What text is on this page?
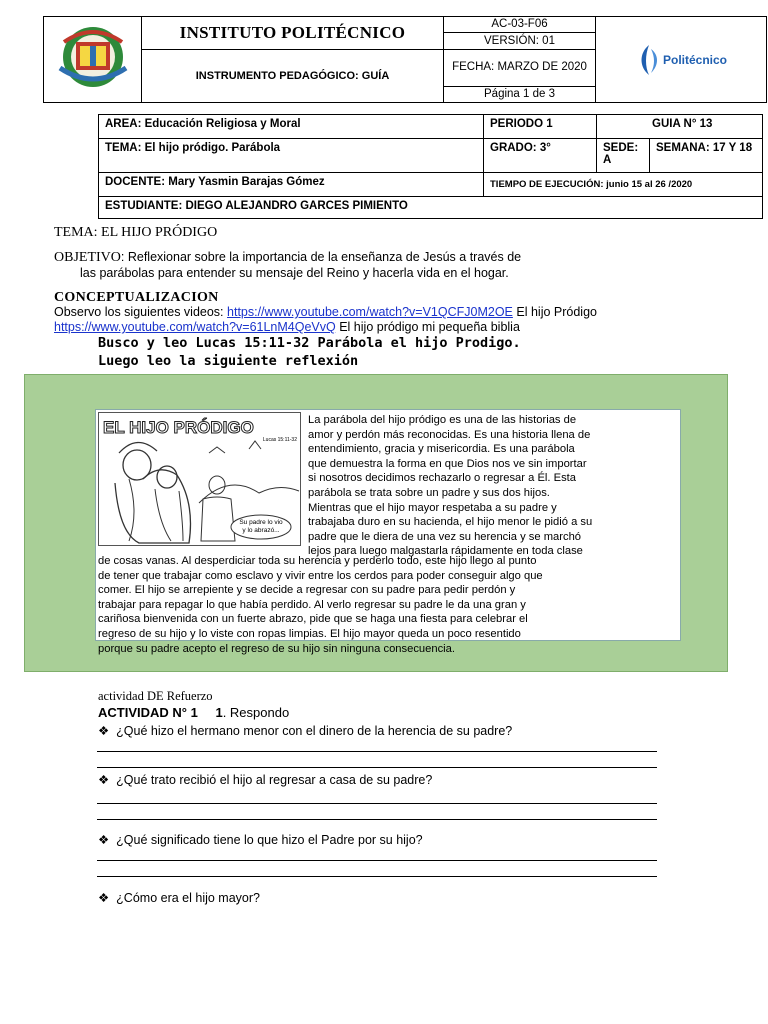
	INSTITUTO POLITÉCNICO	AC-03-F06	Politécnico

		VERSIÓN: 01	
	INSTRUMENTO PEDAGÓGICO: GUÍA	FECHA: MARZO DE 2020	
		Página 1 de 3	
AREA: Educación Religiosa y Moral	PERIODO 1	GUIA N° 13	
TEMA: El hijo pródigo. Parábola	GRADO: 3°	SEDE: A	SEMANA: 17 Y 18
DOCENTE: Mary Yasmin Barajas Gómez	TIEMPO DE EJECUCIÓN: junio 15 al 26 /2020		
ESTUDIANTE: DIEGO ALEJANDRO GARCES PIMIENTO			
TEMA: EL HIJO PRÓDIGO
OBJETIVO: Reflexionar sobre la importancia de la enseñanza de Jesús a través de
las parábolas para entender su mensaje del Reino y hacerla vida en el hogar.
CONCEPTUALIZACION
Observo los siguientes videos: https://www.youtube.com/watch?v=V1QCFJ0M2OE El hijo Pródigo
https://www.youtube.com/watch?v=61LnM4QeVvQ El hijo pródigo mi pequeña biblia
Busco y leo Lucas 15:11-32 Parábola el hijo Prodigo.
Luego leo la siguiente reflexión
Su padre lo vio
y lo abrazó...
EL HIJO PRÓDIGO
Lucas 15:11-32
La parábola del hijo pródigo es una de las historias de
amor y perdón más reconocidas. Es una historia llena de
entendimiento, gracia y misericordia. Es una parábola
que demuestra la forma en que Dios nos ve sin importar
si nosotros decidimos rechazarlo o regresar a Él. Esta
parábola se trata sobre un padre y sus dos hijos.
Mientras que el hijo mayor respetaba a su padre y
trabajaba duro en su hacienda, el hijo menor le pidió a su
padre que le diera de una vez su herencia y se marchó
lejos para luego malgastarla rápidamente en toda clase
de cosas vanas. Al desperdiciar toda su herencia y perderlo todo, este hijo llego al punto
de tener que trabajar como esclavo y vivir entre los cerdos para poder conseguir algo que
comer. El hijo se arrepiente y se decide a regresar con su padre para pedir perdón y
trabajar para repagar lo que había perdido. Al verlo regresar su padre le da una gran y
cariñosa bienvenida con un fuerte abrazo, pide que se haga una fiesta para celebrar el
regreso de su hijo y lo viste con ropas limpias. El hijo mayor queda un poco resentido
porque su padre acepto el regreso de su hijo sin ninguna consecuencia.
actividad DE Refuerzo
ACTIVIDAD N° 1 1. Respondo
❖ ¿Qué hizo el hermano menor con el dinero de la herencia de su padre?
❖ ¿Qué trato recibió el hijo al regresar a casa de su padre?
❖ ¿Qué significado tiene lo que hizo el Padre por su hijo?
❖ ¿Cómo era el hijo mayor?
